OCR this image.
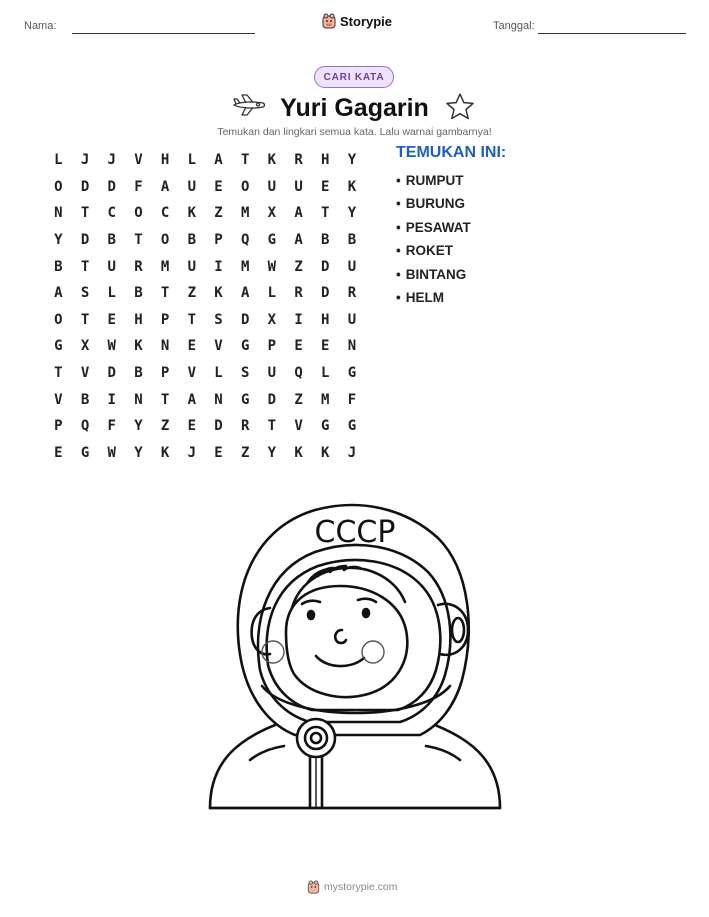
Nama:	Storypie	Tanggal:
CARI KATA
Yuri Gagarin
Temukan dan lingkari semua kata. Lalu warnai gambarnya!
L	J	J	V	H	L	A	T	K	R	H	Y
O	D	D	F	A	U	E	O	U	U	E	K
N	T	C	O	C	K	Z	M	X	A	T	Y
Y	D	B	T	O	B	P	Q	G	A	B	B
B	T	U	R	M	U	I	M	W	Z	D	U
A	S	L	B	T	Z	K	A	L	R	D	R
O	T	E	H	P	T	S	D	X	I	H	U
G	X	W	K	N	E	V	G	P	E	E	N
T	V	D	B	P	V	L	S	U	Q	L	G
V	B	I	N	T	A	N	G	D	Z	M	F
P	Q	F	Y	Z	E	D	R	T	V	G	G
E	G	W	Y	K	J	E	Z	Y	K	K	J
TEMUKAN INI:
• RUMPUT
• BURUNG
• PESAWAT
• ROKET
• BINTANG
• HELM
CCCP
mystorypie.com
